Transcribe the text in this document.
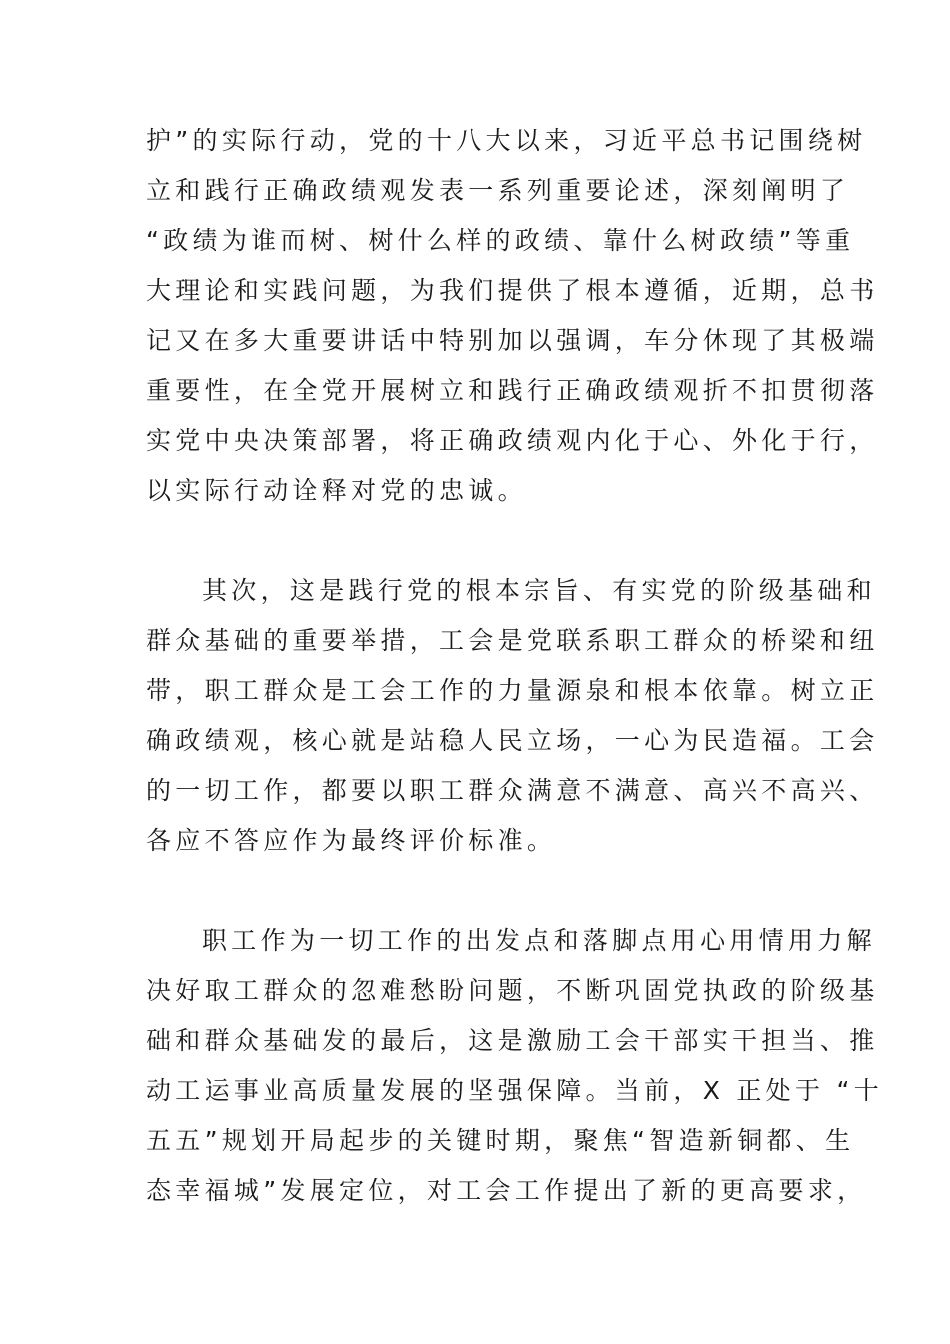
护”的实际行动，党的十八大以来，习近平总书记围绕树
立和践行正确政绩观发表一系列重要论述，深刻阐明了
“政绩为谁而树、树什么样的政绩、靠什么树政绩”等重
大理论和实践问题，为我们提供了根本遵循，近期，总书
记又在多大重要讲话中特别加以强调，车分休现了其极端
重要性，在全党开展树立和践行正确政绩观折不扣贯彻落
实党中央决策部署，将正确政绩观内化于心、外化于行，
以实际行动诠释对党的忠诚。
其次，这是践行党的根本宗旨、有实党的阶级基础和
群众基础的重要举措，工会是党联系职工群众的桥梁和纽
带，职工群众是工会工作的力量源泉和根本依靠。树立正
确政绩观，核心就是站稳人民立场，一心为民造福。工会
的一切工作，都要以职工群众满意不满意、高兴不高兴、
各应不答应作为最终评价标准。
职工作为一切工作的出发点和落脚点用心用情用力解
决好取工群众的忽难愁盼问题，不断巩固党执政的阶级基
础和群众基础发的最后，这是激励工会干部实干担当、推
动工运事业高质量发展的坚强保障。当前，X 正处于 “十
五五”规划开局起步的关键时期，聚焦“智造新铜都、生
态幸福城”发展定位，对工会工作提出了新的更高要求，
